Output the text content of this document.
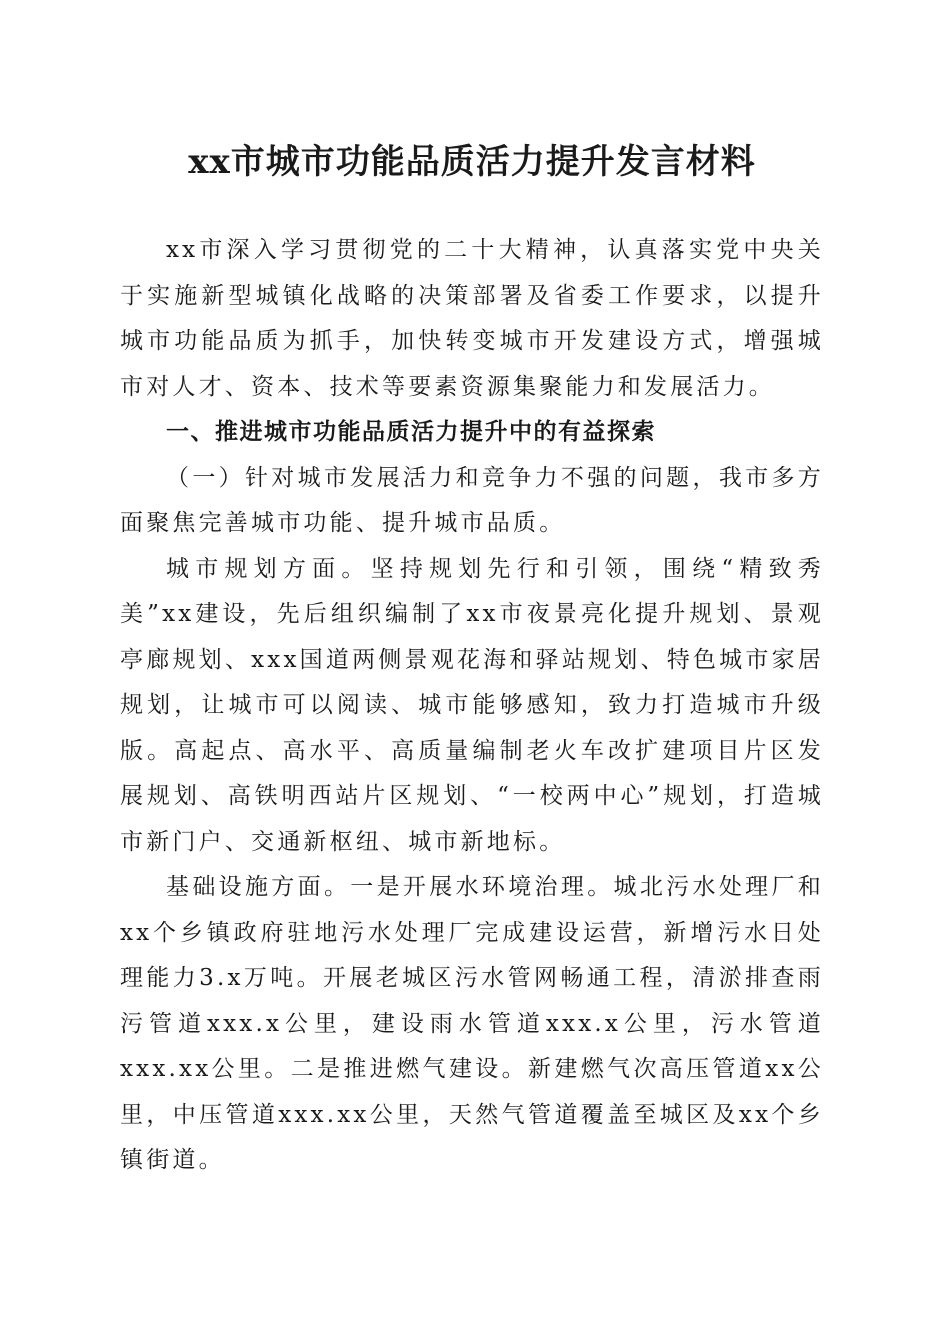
xx市城市功能品质活力提升发言材料

xx市深入学习贯彻党的二十大精神，认真落实党中央关于实施新型城镇化战略的决策部署及省委工作要求，以提升城市功能品质为抓手，加快转变城市开发建设方式，增强城市对人才、资本、技术等要素资源集聚能力和发展活力。

一、推进城市功能品质活力提升中的有益探索
（一）针对城市发展活力和竞争力不强的问题，我市多方面聚焦完善城市功能、提升城市品质。

城市规划方面。坚持规划先行和引领，围绕“精致秀美”xx建设，先后组织编制了xx市夜景亮化提升规划、景观亭廊规划、xxx国道两侧景观花海和驿站规划、特色城市家居规划，让城市可以阅读、城市能够感知，致力打造城市升级版。高起点、高水平、高质量编制老火车改扩建项目片区发展规划、高铁明西站片区规划、“一校两中心”规划，打造城市新门户、交通新枢纽、城市新地标。

基础设施方面。一是开展水环境治理。城北污水处理厂和xx个乡镇政府驻地污水处理厂完成建设运营，新增污水日处理能力3.x万吨。开展老城区污水管网畅通工程，清淤排查雨污管道xxx.x公里，建设雨水管道xxx.x公里，污水管道xxx.xx公里。二是推进燃气建设。新建燃气次高压管道xx公里，中压管道xxx.xx公里，天然气管道覆盖至城区及xx个乡镇街道。
